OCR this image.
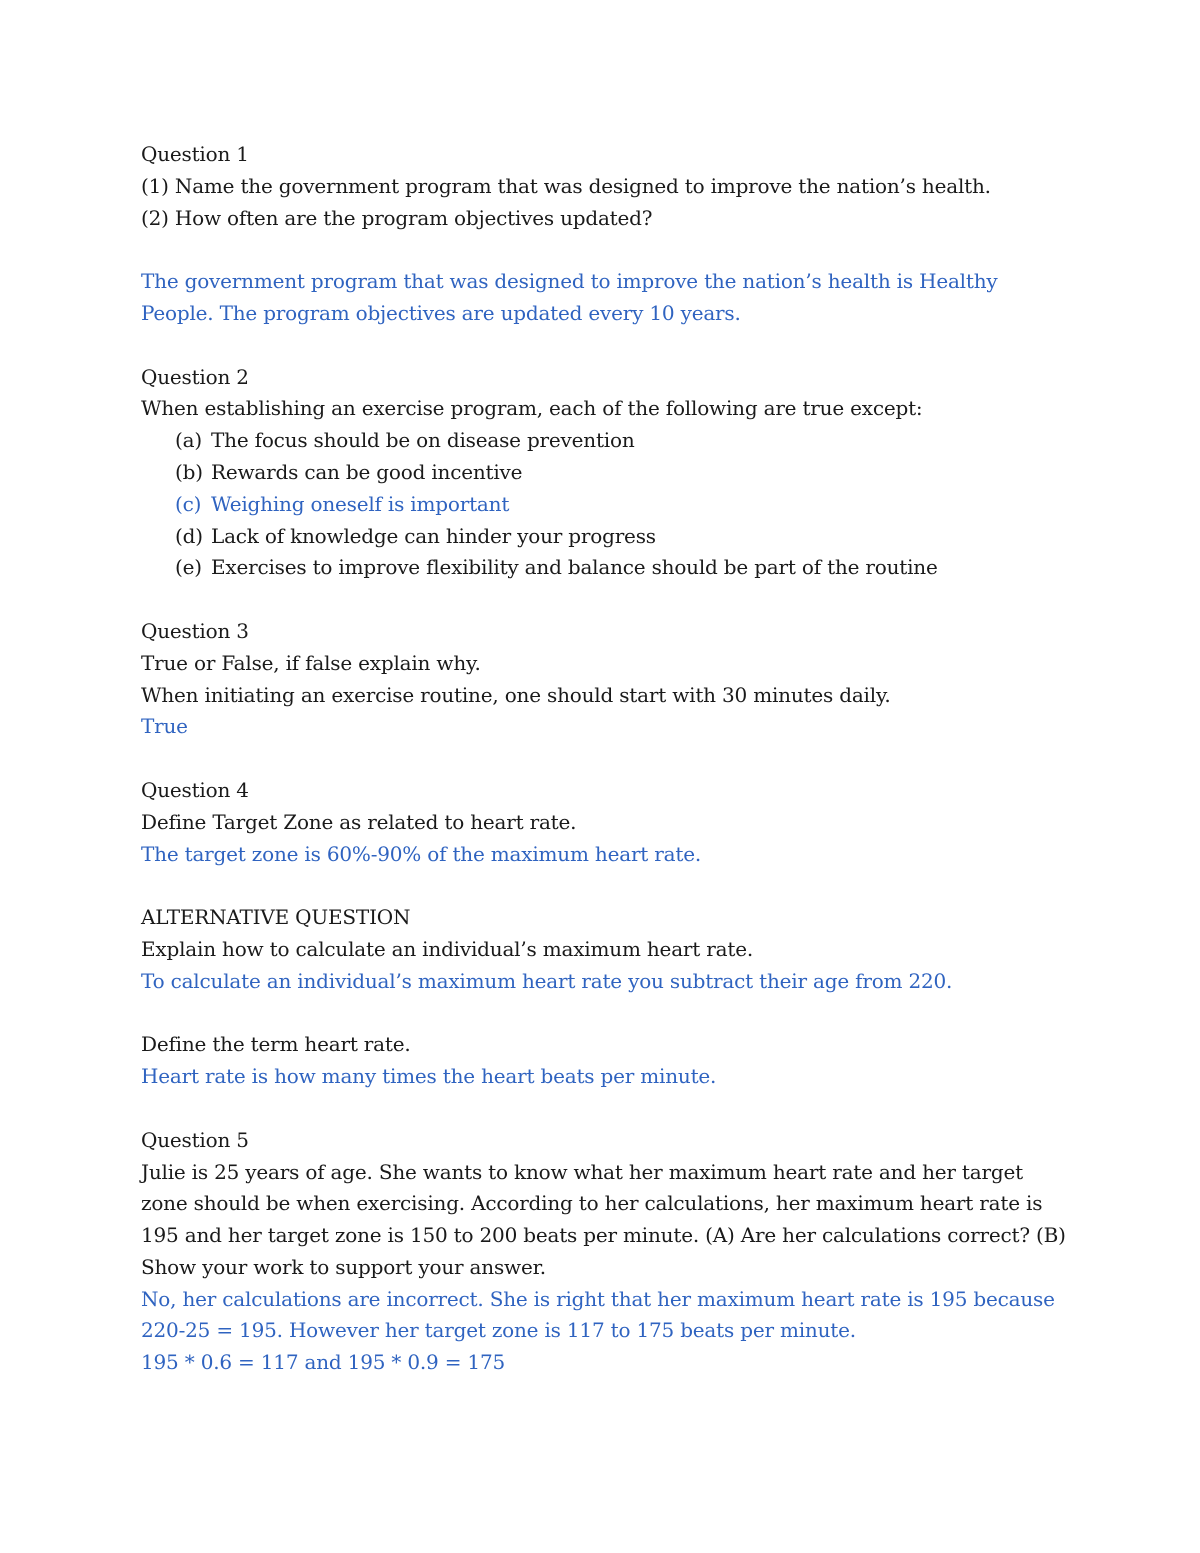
Question 1
(1) Name the government program that was designed to improve the nation’s health.
(2) How often are the program objectives updated?
The government program that was designed to improve the nation’s health is Healthy
People. The program objectives are updated every 10 years.
Question 2
When establishing an exercise program, each of the following are true except:
(a) The focus should be on disease prevention
(b) Rewards can be good incentive
(c) Weighing oneself is important
(d) Lack of knowledge can hinder your progress
(e) Exercises to improve flexibility and balance should be part of the routine
Question 3
True or False, if false explain why.
When initiating an exercise routine, one should start with 30 minutes daily.
True
Question 4
Define Target Zone as related to heart rate.
The target zone is 60%-90% of the maximum heart rate.
ALTERNATIVE QUESTION
Explain how to calculate an individual’s maximum heart rate.
To calculate an individual’s maximum heart rate you subtract their age from 220.
Define the term heart rate.
Heart rate is how many times the heart beats per minute.
Question 5
Julie is 25 years of age. She wants to know what her maximum heart rate and her target
zone should be when exercising. According to her calculations, her maximum heart rate is
195 and her target zone is 150 to 200 beats per minute. (A) Are her calculations correct? (B)
Show your work to support your answer.
No, her calculations are incorrect. She is right that her maximum heart rate is 195 because
220-25 = 195. However her target zone is 117 to 175 beats per minute.
195 * 0.6 = 117 and 195 * 0.9 = 175
